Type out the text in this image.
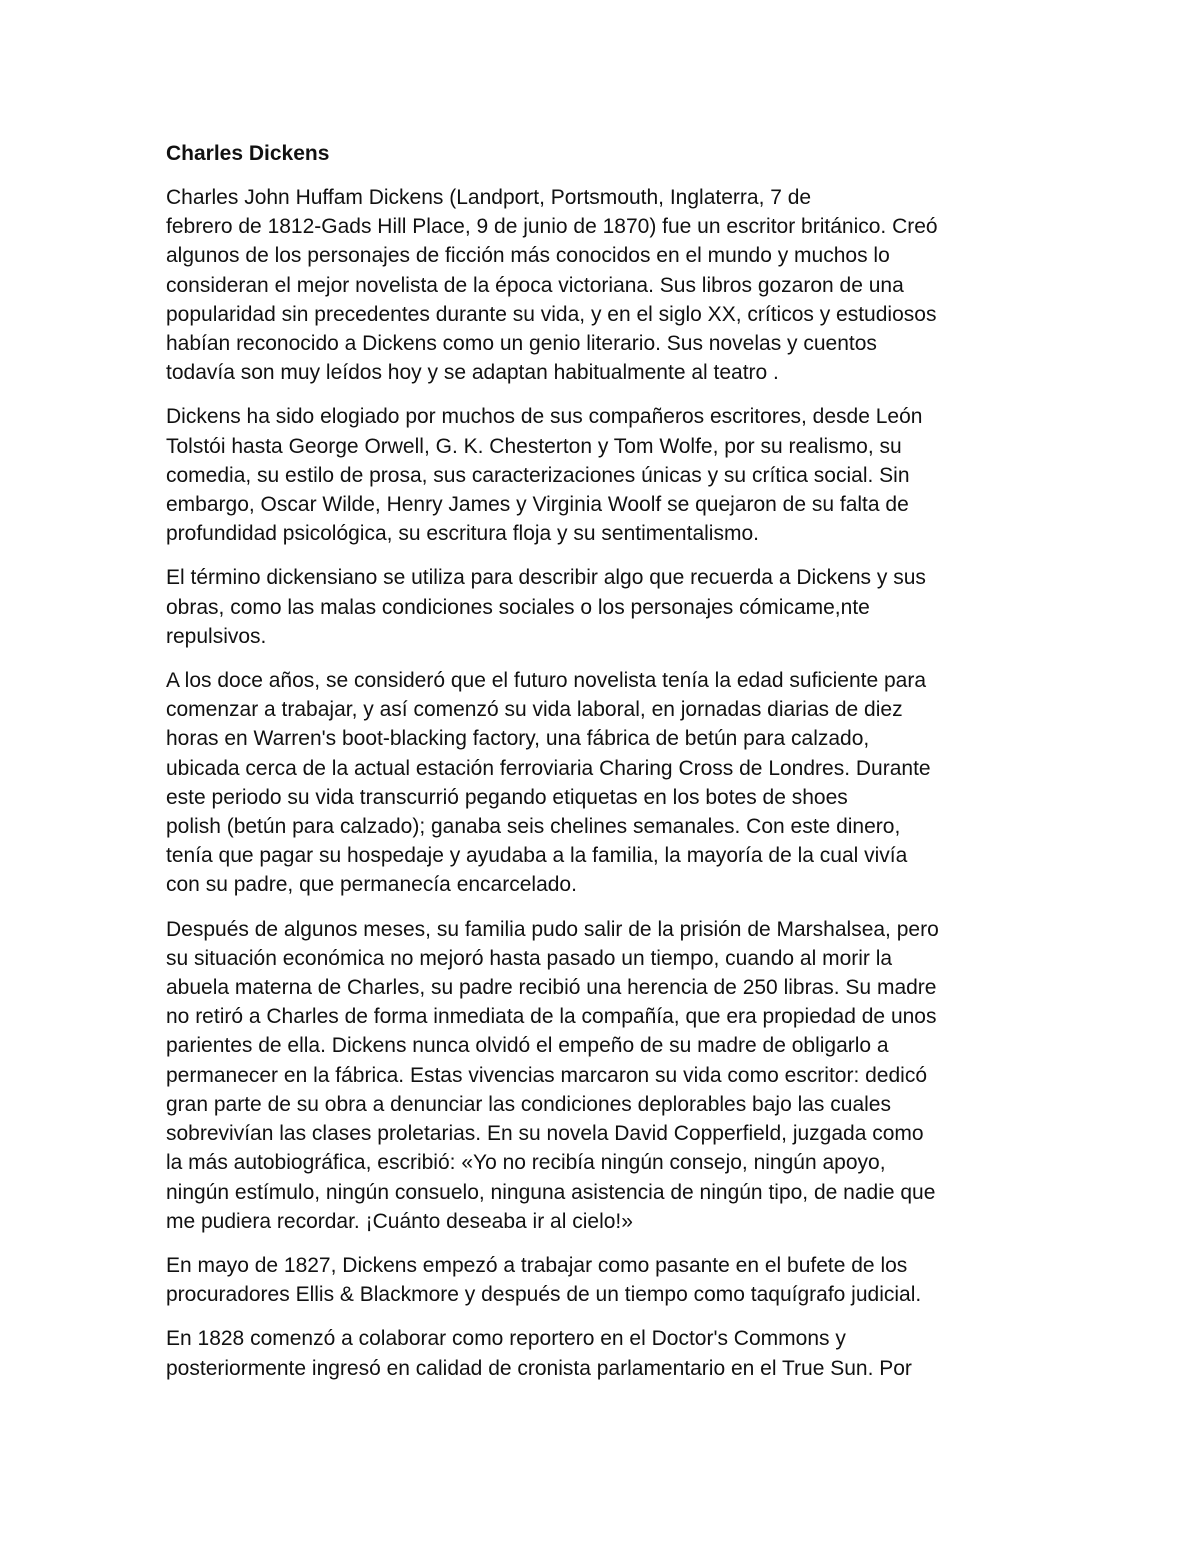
Charles Dickens
Charles John Huffam Dickens (Landport, Portsmouth, Inglaterra, 7 de
febrero de 1812-Gads Hill Place, 9 de junio de 1870) fue un escritor británico. Creó
algunos de los personajes de ficción más conocidos en el mundo y muchos lo
consideran el mejor novelista de la época victoriana. Sus libros gozaron de una
popularidad sin precedentes durante su vida, y en el siglo XX, críticos y estudiosos
habían reconocido a Dickens como un genio literario. Sus novelas y cuentos
todavía son muy leídos hoy y se adaptan habitualmente al teatro .
Dickens ha sido elogiado por muchos de sus compañeros escritores, desde León
Tolstói hasta George Orwell, G. K. Chesterton y Tom Wolfe, por su realismo, su
comedia, su estilo de prosa, sus caracterizaciones únicas y su crítica social. Sin
embargo, Oscar Wilde, Henry James y Virginia Woolf se quejaron de su falta de
profundidad psicológica, su escritura floja y su sentimentalismo.
El término dickensiano se utiliza para describir algo que recuerda a Dickens y sus
obras, como las malas condiciones sociales o los personajes cómicame,nte
repulsivos.
A los doce años, se consideró que el futuro novelista tenía la edad suficiente para
comenzar a trabajar, y así comenzó su vida laboral, en jornadas diarias de diez
horas en Warren's boot-blacking factory, una fábrica de betún para calzado,
ubicada cerca de la actual estación ferroviaria Charing Cross de Londres. Durante
este periodo su vida transcurrió pegando etiquetas en los botes de shoes
polish (betún para calzado); ganaba seis chelines semanales. Con este dinero,
tenía que pagar su hospedaje y ayudaba a la familia, la mayoría de la cual vivía
con su padre, que permanecía encarcelado.
Después de algunos meses, su familia pudo salir de la prisión de Marshalsea, pero
su situación económica no mejoró hasta pasado un tiempo, cuando al morir la
abuela materna de Charles, su padre recibió una herencia de 250 libras. Su madre
no retiró a Charles de forma inmediata de la compañía, que era propiedad de unos
parientes de ella. Dickens nunca olvidó el empeño de su madre de obligarlo a
permanecer en la fábrica. Estas vivencias marcaron su vida como escritor: dedicó
gran parte de su obra a denunciar las condiciones deplorables bajo las cuales
sobrevivían las clases proletarias. En su novela David Copperfield, juzgada como
la más autobiográfica, escribió: «Yo no recibía ningún consejo, ningún apoyo,
ningún estímulo, ningún consuelo, ninguna asistencia de ningún tipo, de nadie que
me pudiera recordar. ¡Cuánto deseaba ir al cielo!»
En mayo de 1827, Dickens empezó a trabajar como pasante en el bufete de los
procuradores Ellis & Blackmore y después de un tiempo como taquígrafo judicial.
En 1828 comenzó a colaborar como reportero en el Doctor's Commons y
posteriormente ingresó en calidad de cronista parlamentario en el True Sun. Por
